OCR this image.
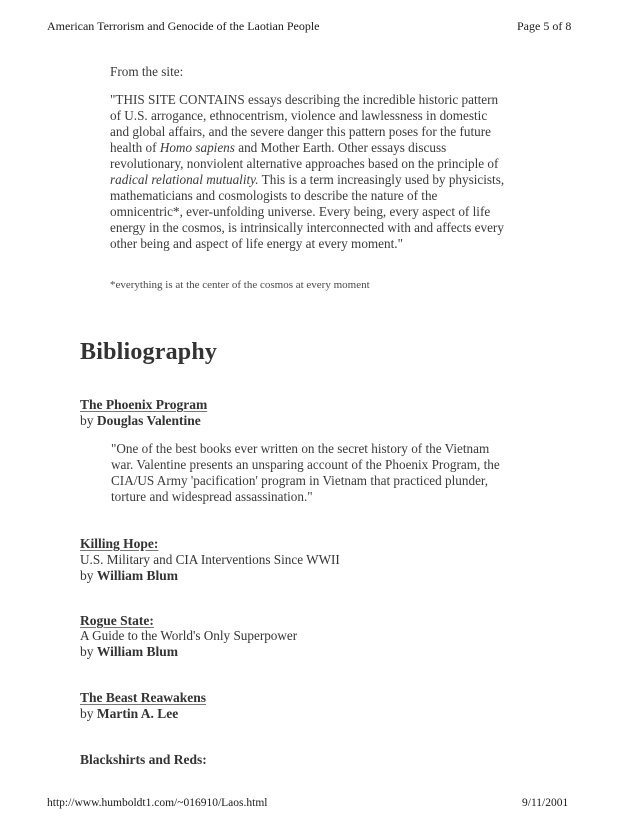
American Terrorism and Genocide of the Laotian People	Page 5 of 8
From the site:
"THIS SITE CONTAINS essays describing the incredible historic pattern of U.S. arrogance, ethnocentrism, violence and lawlessness in domestic and global affairs, and the severe danger this pattern poses for the future health of Homo sapiens and Mother Earth. Other essays discuss revolutionary, nonviolent alternative approaches based on the principle of radical relational mutuality. This is a term increasingly used by physicists, mathematicians and cosmologists to describe the nature of the omnicentric*, ever-unfolding universe. Every being, every aspect of life energy in the cosmos, is intrinsically interconnected with and affects every other being and aspect of life energy at every moment."
*everything is at the center of the cosmos at every moment
Bibliography
The Phoenix Program
by Douglas Valentine
"One of the best books ever written on the secret history of the Vietnam war. Valentine presents an unsparing account of the Phoenix Program, the CIA/US Army 'pacification' program in Vietnam that practiced plunder, torture and widespread assassination."
Killing Hope:
U.S. Military and CIA Interventions Since WWII
by William Blum
Rogue State:
A Guide to the World's Only Superpower
by William Blum
The Beast Reawakens
by Martin A. Lee
Blackshirts and Reds:
http://www.humboldt1.com/~016910/Laos.html	9/11/2001
